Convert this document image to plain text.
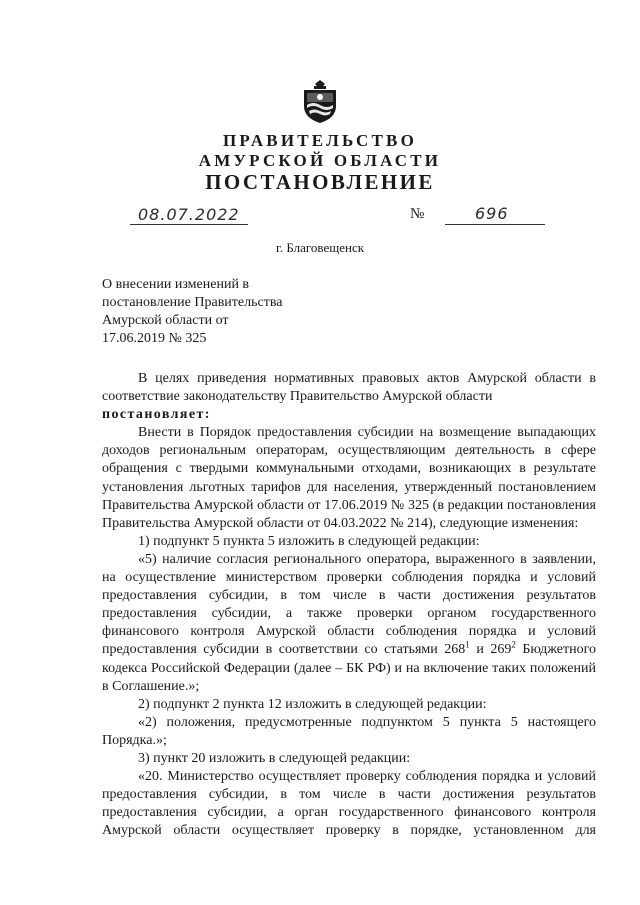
ПРАВИТЕЛЬСТВО
АМУРСКОЙ ОБЛАСТИ
ПОСТАНОВЛЕНИЕ
08.07.2022	№	696
г. Благовещенск
О внесении изменений в
постановление Правительства
Амурской области от
17.06.2019 № 325

В целях приведения нормативных правовых актов Амурской области в

соответствие законодательству Правительство Амурской области

постановляет:

Внести в Порядок предоставления субсидии на возмещение выпадающих доходов региональным операторам, осуществляющим деятельность в сфере обращения с твердыми коммунальными отходами, возникающих в результате установления льготных тарифов для населения, утвержденный постановлением Правительства Амурской области от 17.06.2019 № 325 (в редакции постановления Правительства Амурской области от 04.03.2022 № 214), следующие изменения:

1) подпункт 5 пункта 5 изложить в следующей редакции:

«5) наличие согласия регионального оператора, выраженного в заявлении, на осуществление министерством проверки соблюдения порядка и условий предоставления субсидии, в том числе в части достижения результатов предоставления субсидии, а также проверки органом государственного финансового контроля Амурской области соблюдения порядка и условий предоставления субсидии в соответствии со статьями $268^1$ и $269^2$ Бюджетного кодекса Российской Федерации (далее – БК РФ) и на включение таких положений в Соглашение.»;

2) подпункт 2 пункта 12 изложить в следующей редакции:

«2) положения, предусмотренные подпунктом 5 пункта 5 настоящего Порядка.»;

3) пункт 20 изложить в следующей редакции:

«20. Министерство осуществляет проверку соблюдения порядка и условий предоставления субсидии, в том числе в части достижения результатов предоставления субсидии, а орган государственного финансового контроля Амурской области осуществляет проверку в порядке, установленном для
